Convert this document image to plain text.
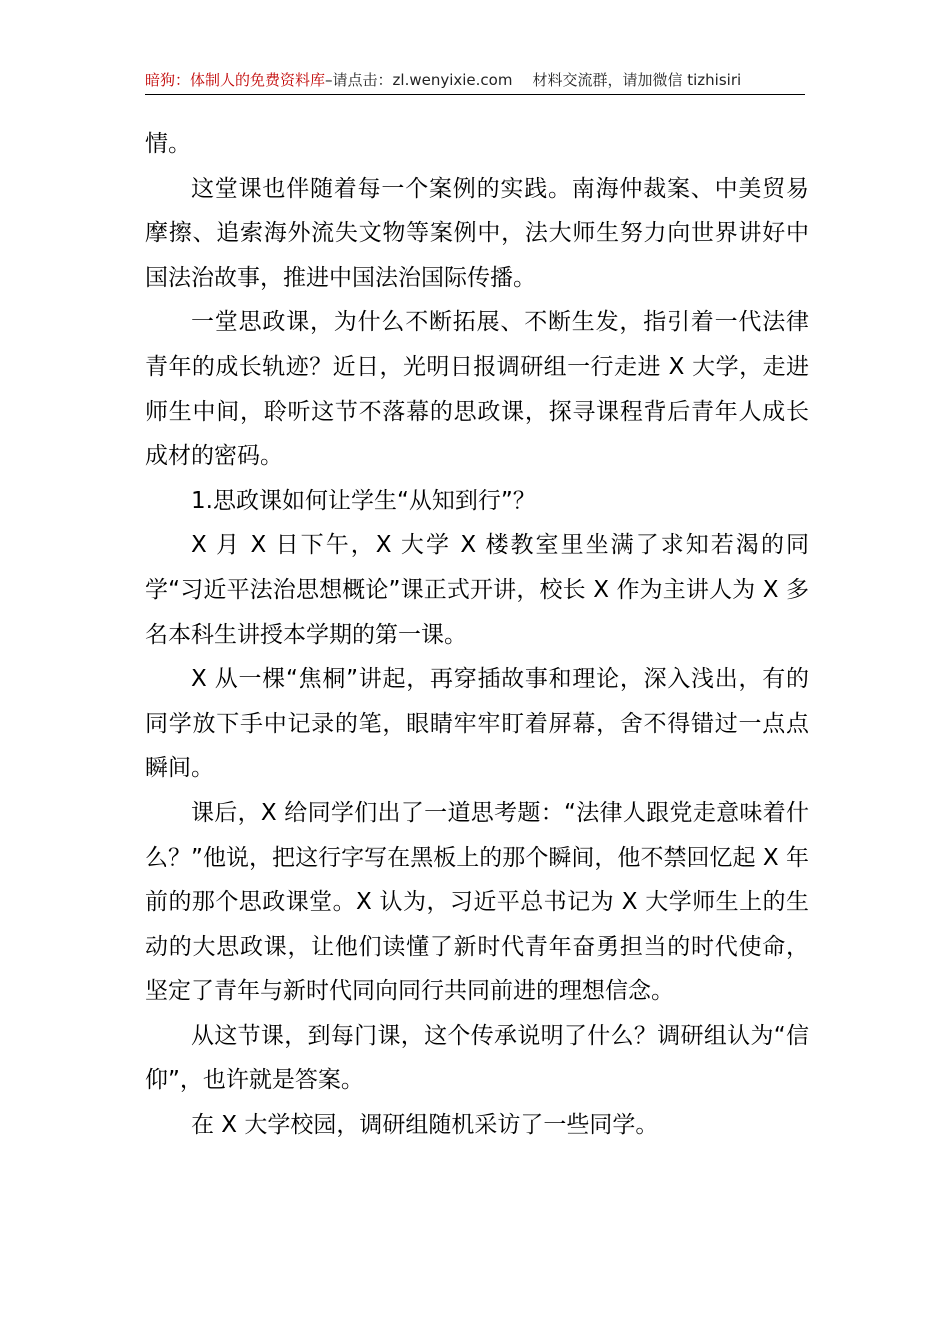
暗狗：体制人的免费资料库–请点击：zl.wenyixie.com 材料交流群，请加微信 tizhisiri

情。

这堂课也伴随着每一个案例的实践。南海仲裁案、中美贸易摩擦、追索海外流失文物等案例中，法大师生努力向世界讲好中国法治故事，推进中国法治国际传播。

一堂思政课，为什么不断拓展、不断生发，指引着一代法律青年的成长轨迹？近日，光明日报调研组一行走进 X 大学，走进师生中间，聆听这节不落幕的思政课，探寻课程背后青年人成长成材的密码。

1.思政课如何让学生“从知到行”？

X 月 X 日下午，X 大学 X 楼教室里坐满了求知若渴的同学“习近平法治思想概论”课正式开讲，校长 X 作为主讲人为 X 多名本科生讲授本学期的第一课。

X 从一棵“焦桐”讲起，再穿插故事和理论，深入浅出，有的同学放下手中记录的笔，眼睛牢牢盯着屏幕，舍不得错过一点点瞬间。

课后，X 给同学们出了一道思考题：“法律人跟党走意味着什么？”他说，把这行字写在黑板上的那个瞬间，他不禁回忆起 X 年前的那个思政课堂。X 认为，习近平总书记为 X 大学师生上的生动的大思政课，让他们读懂了新时代青年奋勇担当的时代使命，坚定了青年与新时代同向同行共同前进的理想信念。

从这节课，到每门课，这个传承说明了什么？调研组认为“信仰”，也许就是答案。

在 X 大学校园，调研组随机采访了一些同学。
